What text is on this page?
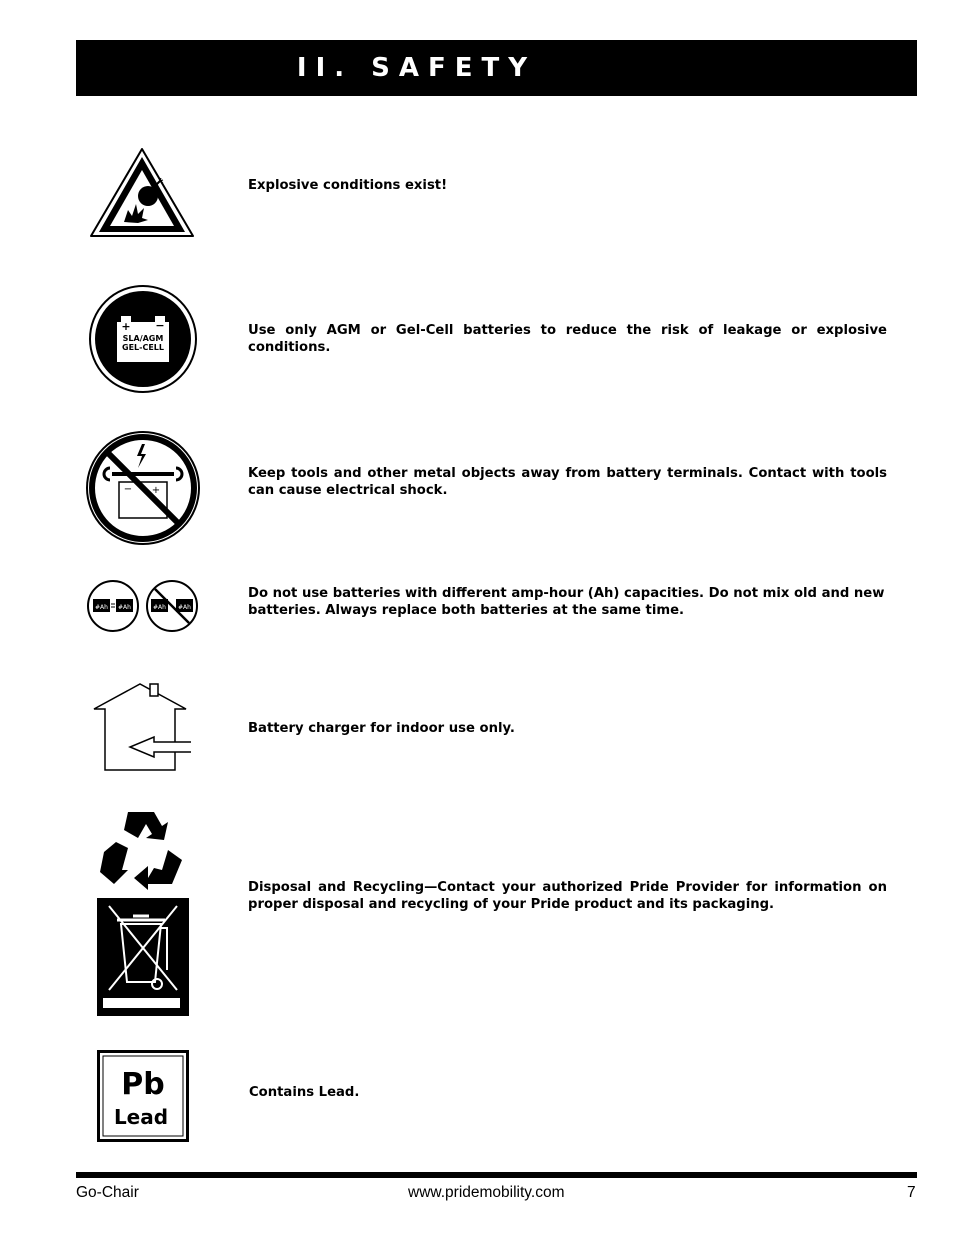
II. SAFETY
Explosive conditions exist!
+ −
SLA/AGM
GEL-CELL
Use only AGM or Gel-Cell batteries to reduce the risk of leakage or explosive conditions.
− +
Keep tools and other metal objects away from battery terminals. Contact with tools can cause electrical shock.
#Ah #Ah	#Ah #Ah
Do not use batteries with different amp-hour (Ah) capacities. Do not mix old and new batteries. Always replace both batteries at the same time.
Battery charger for indoor use only.
Disposal and Recycling—Contact your authorized Pride Provider for information on proper disposal and recycling of your Pride product and its packaging.
Pb
Lead
Contains Lead.
Go-Chair	www.pridemobility.com	7
